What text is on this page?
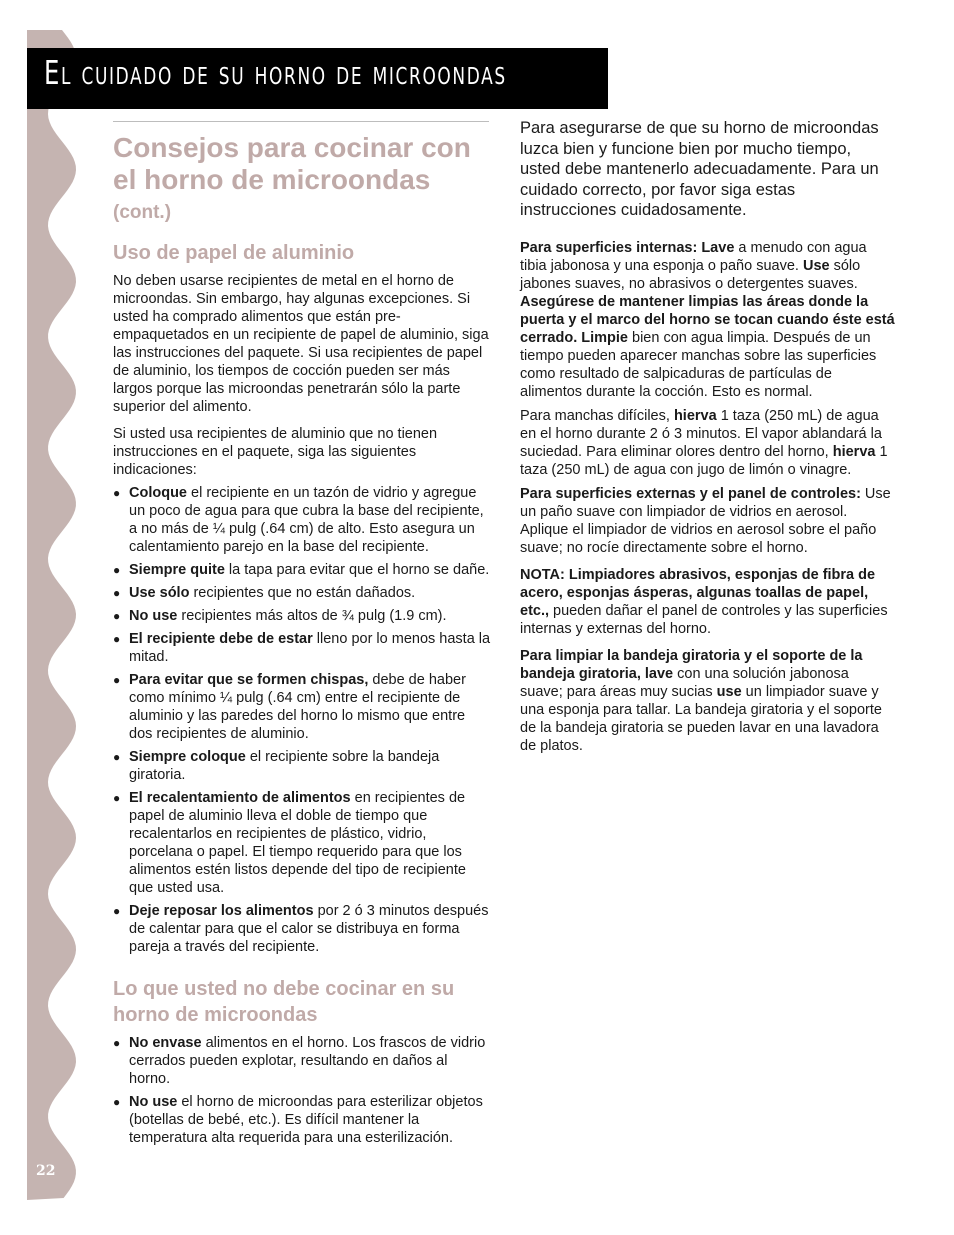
El cuidado de su horno de microondas
Consejos para cocinar con el horno de microondas
(cont.)
Uso de papel de aluminio

No deben usarse recipientes de metal en el horno de microondas. Sin embargo, hay algunas excepciones. Si usted ha comprado alimentos que están pre-empaquetados en un recipiente de papel de aluminio, siga las instrucciones del paquete. Si usa recipientes de papel de aluminio, los tiempos de cocción pueden ser más largos porque las microondas penetrarán sólo la parte superior del alimento.

Si usted usa recipientes de aluminio que no tienen instrucciones en el paquete, siga las siguientes indicaciones:

● Coloque el recipiente en un tazón de vidrio y agregue un poco de agua para que cubra la base del recipiente, a no más de ¼ pulg (.64 cm) de alto. Esto asegura un calentamiento parejo en la base del recipiente.
● Siempre quite la tapa para evitar que el horno se dañe.
● Use sólo recipientes que no están dañados.
● No use recipientes más altos de ¾ pulg (1.9 cm).
● El recipiente debe de estar lleno por lo menos hasta la mitad.
● Para evitar que se formen chispas, debe de haber como mínimo ¼ pulg (.64 cm) entre el recipiente de aluminio y las paredes del horno lo mismo que entre dos recipientes de aluminio.
● Siempre coloque el recipiente sobre la bandeja giratoria.
● El recalentamiento de alimentos en recipientes de papel de aluminio lleva el doble de tiempo que recalentarlos en recipientes de plástico, vidrio, porcelana o papel. El tiempo requerido para que los alimentos estén listos depende del tipo de recipiente que usted usa.
● Deje reposar los alimentos por 2 ó 3 minutos después de calentar para que el calor se distribuya en forma pareja a través del recipiente.
Lo que usted no debe cocinar en su horno de microondas
● No envase alimentos en el horno. Los frascos de vidrio cerrados pueden explotar, resultando en daños al horno.
● No use el horno de microondas para esterilizar objetos (botellas de bebé, etc.). Es difícil mantener la temperatura alta requerida para una esterilización.

Para asegurarse de que su horno de microondas luzca bien y funcione bien por mucho tiempo, usted debe mantenerlo adecuadamente. Para un cuidado correcto, por favor siga estas instrucciones cuidadosamente.

Para superficies internas: Lave a menudo con agua tibia jabonosa y una esponja o paño suave. Use sólo jabones suaves, no abrasivos o detergentes suaves. Asegúrese de mantener limpias las áreas donde la puerta y el marco del horno se tocan cuando éste está cerrado. Limpie bien con agua limpia. Después de un tiempo pueden aparecer manchas sobre las superficies como resultado de salpicaduras de partículas de alimentos durante la cocción. Esto es normal.

Para manchas difíciles, hierva 1 taza (250 mL) de agua en el horno durante 2 ó 3 minutos. El vapor ablandará la suciedad. Para eliminar olores dentro del horno, hierva 1 taza (250 mL) de agua con jugo de limón o vinagre.

Para superficies externas y el panel de controles: Use un paño suave con limpiador de vidrios en aerosol. Aplique el limpiador de vidrios en aerosol sobre el paño suave; no rocíe directamente sobre el horno.

NOTA: Limpiadores abrasivos, esponjas de fibra de acero, esponjas ásperas, algunas toallas de papel, etc., pueden dañar el panel de controles y las superficies internas y externas del horno.

Para limpiar la bandeja giratoria y el soporte de la bandeja giratoria, lave con una solución jabonosa suave; para áreas muy sucias use un limpiador suave y una esponja para tallar. La bandeja giratoria y el soporte de la bandeja giratoria se pueden lavar en una lavadora de platos.

22
